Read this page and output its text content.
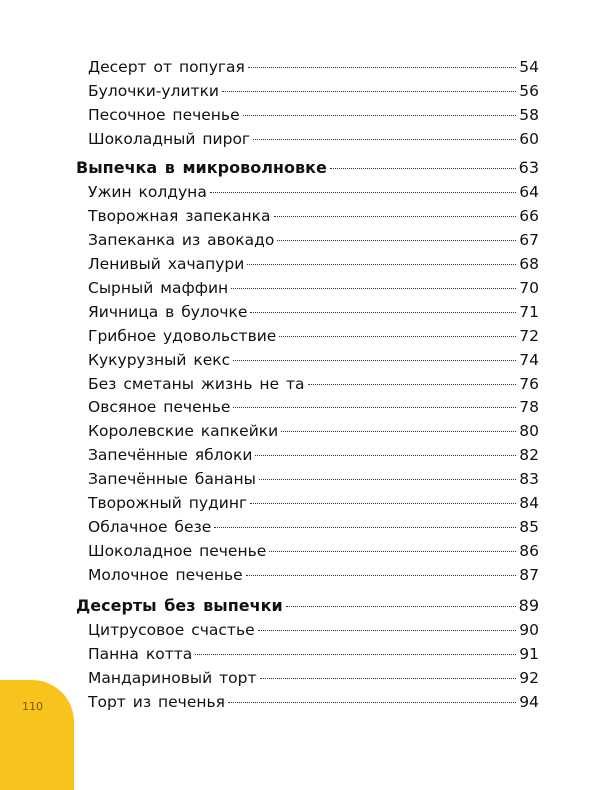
110
Десерт от попугая	54
Булочки-улитки	56
Песочное печенье	58
Шоколадный пирог	60
Выпечка в микроволновке	63
Ужин колдуна	64
Творожная запеканка	66
Запеканка из авокадо	67
Ленивый хачапури	68
Сырный маффин	70
Яичница в булочке	71
Грибное удовольствие	72
Кукурузный кекс	74
Без сметаны жизнь не та	76
Овсяное печенье	78
Королевские капкейки	80
Запечённые яблоки	82
Запечённые бананы	83
Творожный пудинг	84
Облачное безе	85
Шоколадное печенье	86
Молочное печенье	87
Десерты без выпечки	89
Цитрусовое счастье	90
Панна котта	91
Мандариновый торт	92
Торт из печенья	94
